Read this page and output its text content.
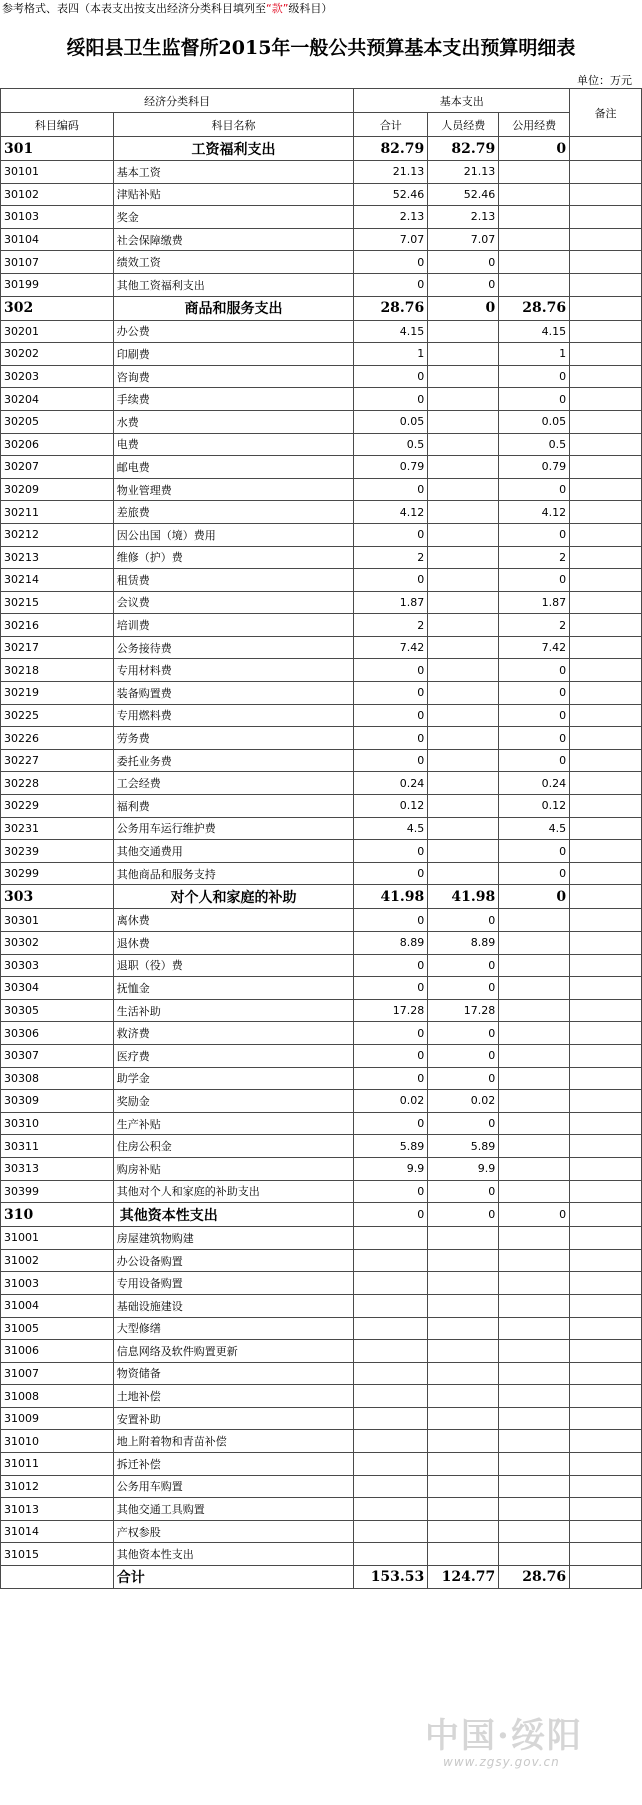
参考格式、表四（本表支出按支出经济分类科目填列至“款”级科目）
绥阳县卫生监督所2015年一般公共预算基本支出预算明细表
单位：万元
经济分类科目		基本支出			备注
科目编码	科目名称	合计	人员经费	公用经费	
301	工资福利支出	82.79	82.79	0	
30101	基本工资	21.13	21.13		
30102	津贴补贴	52.46	52.46		
30103	奖金	2.13	2.13		
30104	社会保障缴费	7.07	7.07		
30107	绩效工资	0	0		
30199	其他工资福利支出	0	0		
302	商品和服务支出	28.76	0	28.76	
30201	办公费	4.15		4.15	
30202	印刷费	1		1	
30203	咨询费	0		0	
30204	手续费	0		0	
30205	水费	0.05		0.05	
30206	电费	0.5		0.5	
30207	邮电费	0.79		0.79	
30209	物业管理费	0		0	
30211	差旅费	4.12		4.12	
30212	因公出国（境）费用	0		0	
30213	维修（护）费	2		2	
30214	租赁费	0		0	
30215	会议费	1.87		1.87	
30216	培训费	2		2	
30217	公务接待费	7.42		7.42	
30218	专用材料费	0		0	
30219	装备购置费	0		0	
30225	专用燃料费	0		0	
30226	劳务费	0		0	
30227	委托业务费	0		0	
30228	工会经费	0.24		0.24	
30229	福利费	0.12		0.12	
30231	公务用车运行维护费	4.5		4.5	
30239	其他交通费用	0		0	
30299	其他商品和服务支持	0		0	
303	对个人和家庭的补助	41.98	41.98	0	
30301	离休费	0	0		
30302	退休费	8.89	8.89		
30303	退职（役）费	0	0		
30304	抚恤金	0	0		
30305	生活补助	17.28	17.28		
30306	救济费	0	0		
30307	医疗费	0	0		
30308	助学金	0	0		
30309	奖励金	0.02	0.02		
30310	生产补贴	0	0		
30311	住房公积金	5.89	5.89		
30313	购房补贴	9.9	9.9		
30399	其他对个人和家庭的补助支出	0	0		
310	其他资本性支出	0	0	0	
31001	房屋建筑物购建				
31002	办公设备购置				
31003	专用设备购置				
31004	基础设施建设				
31005	大型修缮				
31006	信息网络及软件购置更新				
31007	物资储备				
31008	土地补偿				
31009	安置补助				
31010	地上附着物和青苗补偿				
31011	拆迁补偿				
31012	公务用车购置				
31013	其他交通工具购置				
31014	产权参股				
31015	其他资本性支出				
	合计	153.53	124.77	28.76	
中国·绥阳
www.zgsy.gov.cn
